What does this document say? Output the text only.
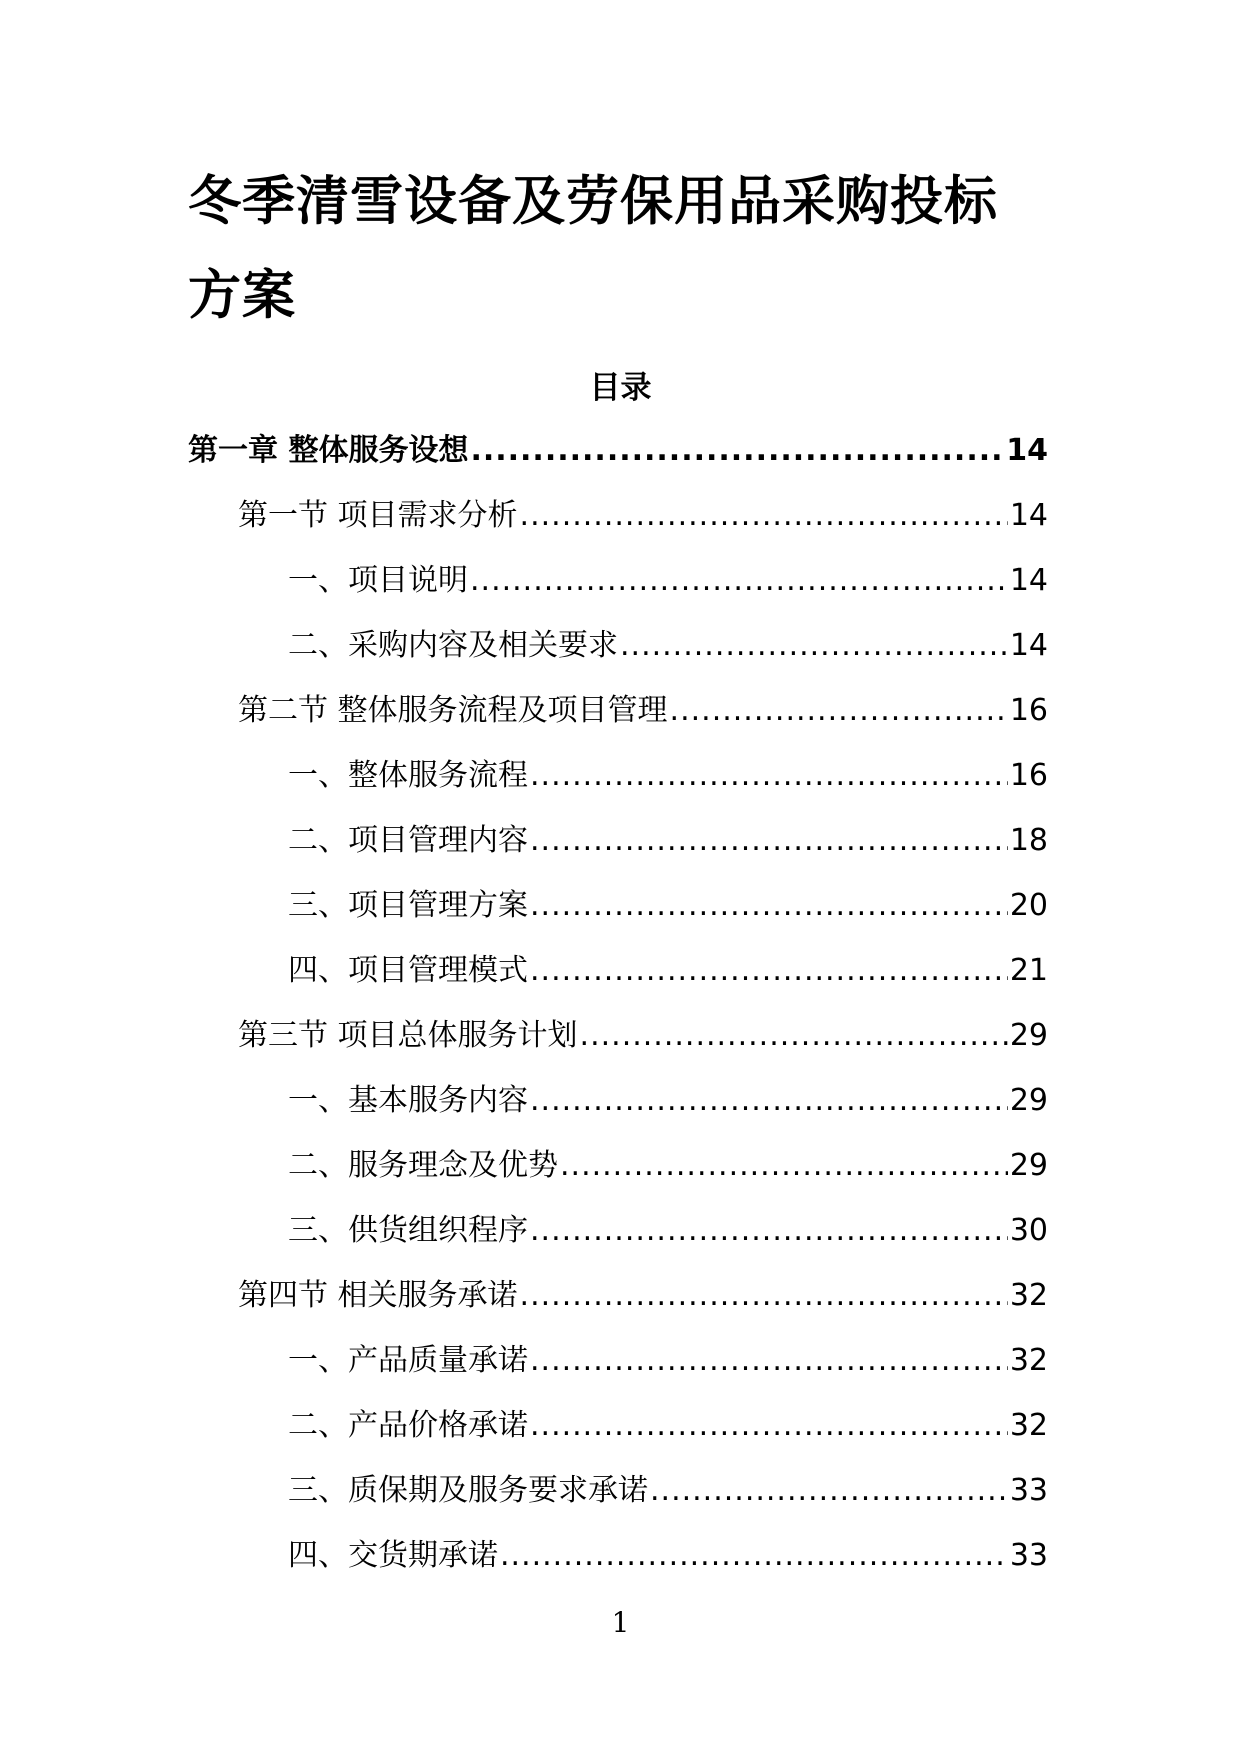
冬季清雪设备及劳保用品采购投标方案
目录
第一章 整体服务设想 .....	14
第一节 项目需求分析 .....	14
一、项目说明 .....	14
二、采购内容及相关要求 .....	14
第二节 整体服务流程及项目管理 .....	16
一、整体服务流程 .....	16
二、项目管理内容 .....	18
三、项目管理方案 .....	20
四、项目管理模式 .....	21
第三节 项目总体服务计划 .....	29
一、基本服务内容 .....	29
二、服务理念及优势 .....	29
三、供货组织程序 .....	30
第四节 相关服务承诺 .....	32
一、产品质量承诺 .....	32
二、产品价格承诺 .....	32
三、质保期及服务要求承诺 .....	33
四、交货期承诺 .....	33
1
